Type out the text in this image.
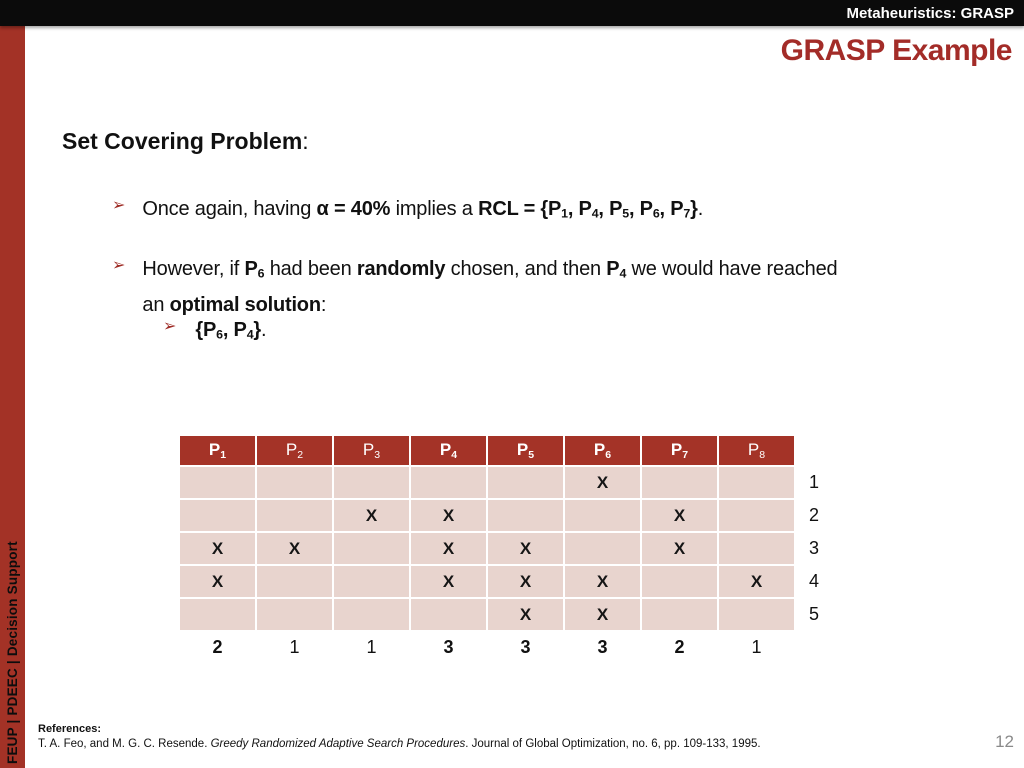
Metaheuristics: GRASP
FEUP | PDEEC | Decision Support
GRASP Example
Set Covering Problem:
➢ Once again, having α = 40% implies a RCL = {P1, P4, P5, P6, P7}.
➢ However, if P6 had been randomly chosen, and then P4 we would have reached
an optimal solution:
➢ {P6, P4}.
P1	P2	P3	P4	P5	P6	P7	P8	
					X			1
		X	X			X		2
X	X		X	X		X		3
X			X	X	X		X	4
				X	X			5
2	1	1	3	3	3	2	1	
References:
T. A. Feo, and M. G. C. Resende. Greedy Randomized Adaptive Search Procedures. Journal of Global Optimization, no. 6, pp. 109-133, 1995.	12
